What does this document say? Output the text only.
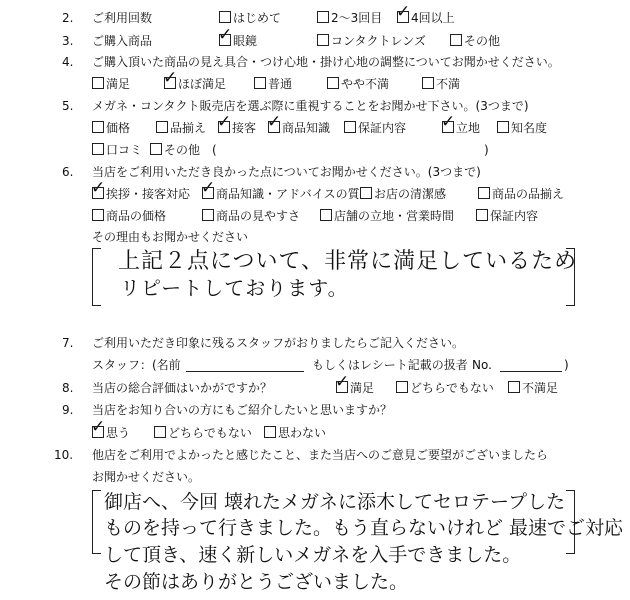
2. ご利用回数	はじめて	2～3回目 ✓	4回以上
3. ご購入商品 ✓	眼鏡	コンタクトレンズ	その他
4. ご購入頂いた商品の見え具合・つけ心地・掛け心地の調整についてお聞かせください。
満足 ✓	ほぼ満足	普通	やや不満	不満
5. メガネ・コンタクト販売店を選ぶ際に重視することをお聞かせ下さい。(3つまで)
価格	品揃え ✓	接客 ✓	商品知識	保証内容 ✓	立地	知名度
口コミ	その他　(	)
6. 当店をご利用いただき良かった点についてお聞かせください。(3つまで)
✓挨拶・接客対応 ✓	商品知識・アドバイスの質	お店の清潔感	商品の品揃え
商品の価格	商品の見やすさ	店舗の立地・営業時間	保証内容
その理由もお聞かせください
上記２点について、非常に満足しているため
リピートしております。
7. ご利用いただき印象に残るスタッフがおりましたらご記入ください。
スタッフ：(名前	もしくはレシート記載の扱者 No.	)
8. 当店の総合評価はいかがですか？ ✓	満足	どちらでもない	不満足
9. 当店をお知り合いの方にもご紹介したいと思いますか？
✓思う	どちらでもない	思わない
10. 他店をご利用でよかったと感じたこと、また当店へのご意見ご要望がございましたら
お聞かせください。
御店へ、今回 壊れたメガネに添木してセロテープした
ものを持って行きました。もう直らないけれど 最速でご対応
して頂き、速く新しいメガネを入手できました。
その節はありがとうございました。
